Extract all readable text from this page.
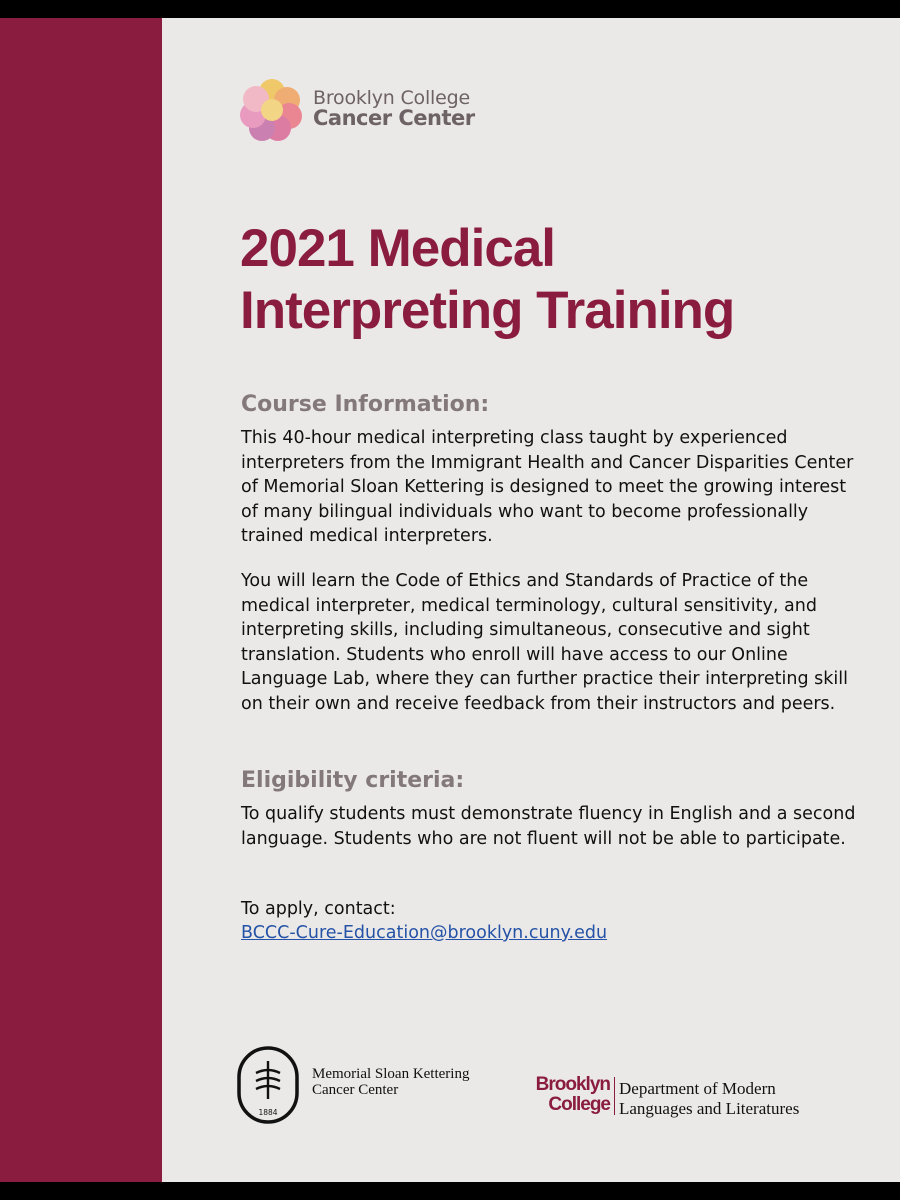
Brooklyn College
Cancer Center
2021 Medical
Interpreting Training
Course Information:
This 40-hour medical interpreting class taught by experienced interpreters from the Immigrant Health and Cancer Disparities Center of Memorial Sloan Kettering is designed to meet the growing interest of many bilingual individuals who want to become professionally trained medical interpreters.
You will learn the Code of Ethics and Standards of Practice of the medical interpreter, medical terminology, cultural sensitivity, and interpreting skills, including simultaneous, consecutive and sight translation. Students who enroll will have access to our Online Language Lab, where they can further practice their interpreting skill on their own and receive feedback from their instructors and peers.
Eligibility criteria:
To qualify students must demonstrate fluency in English and a second language. Students who are not fluent will not be able to participate.
To apply, contact:
BCCC-Cure-Education@brooklyn.cuny.edu
1884
Memorial Sloan Kettering
Cancer Center	Brooklyn
College
Department of Modern
Languages and Literatures
